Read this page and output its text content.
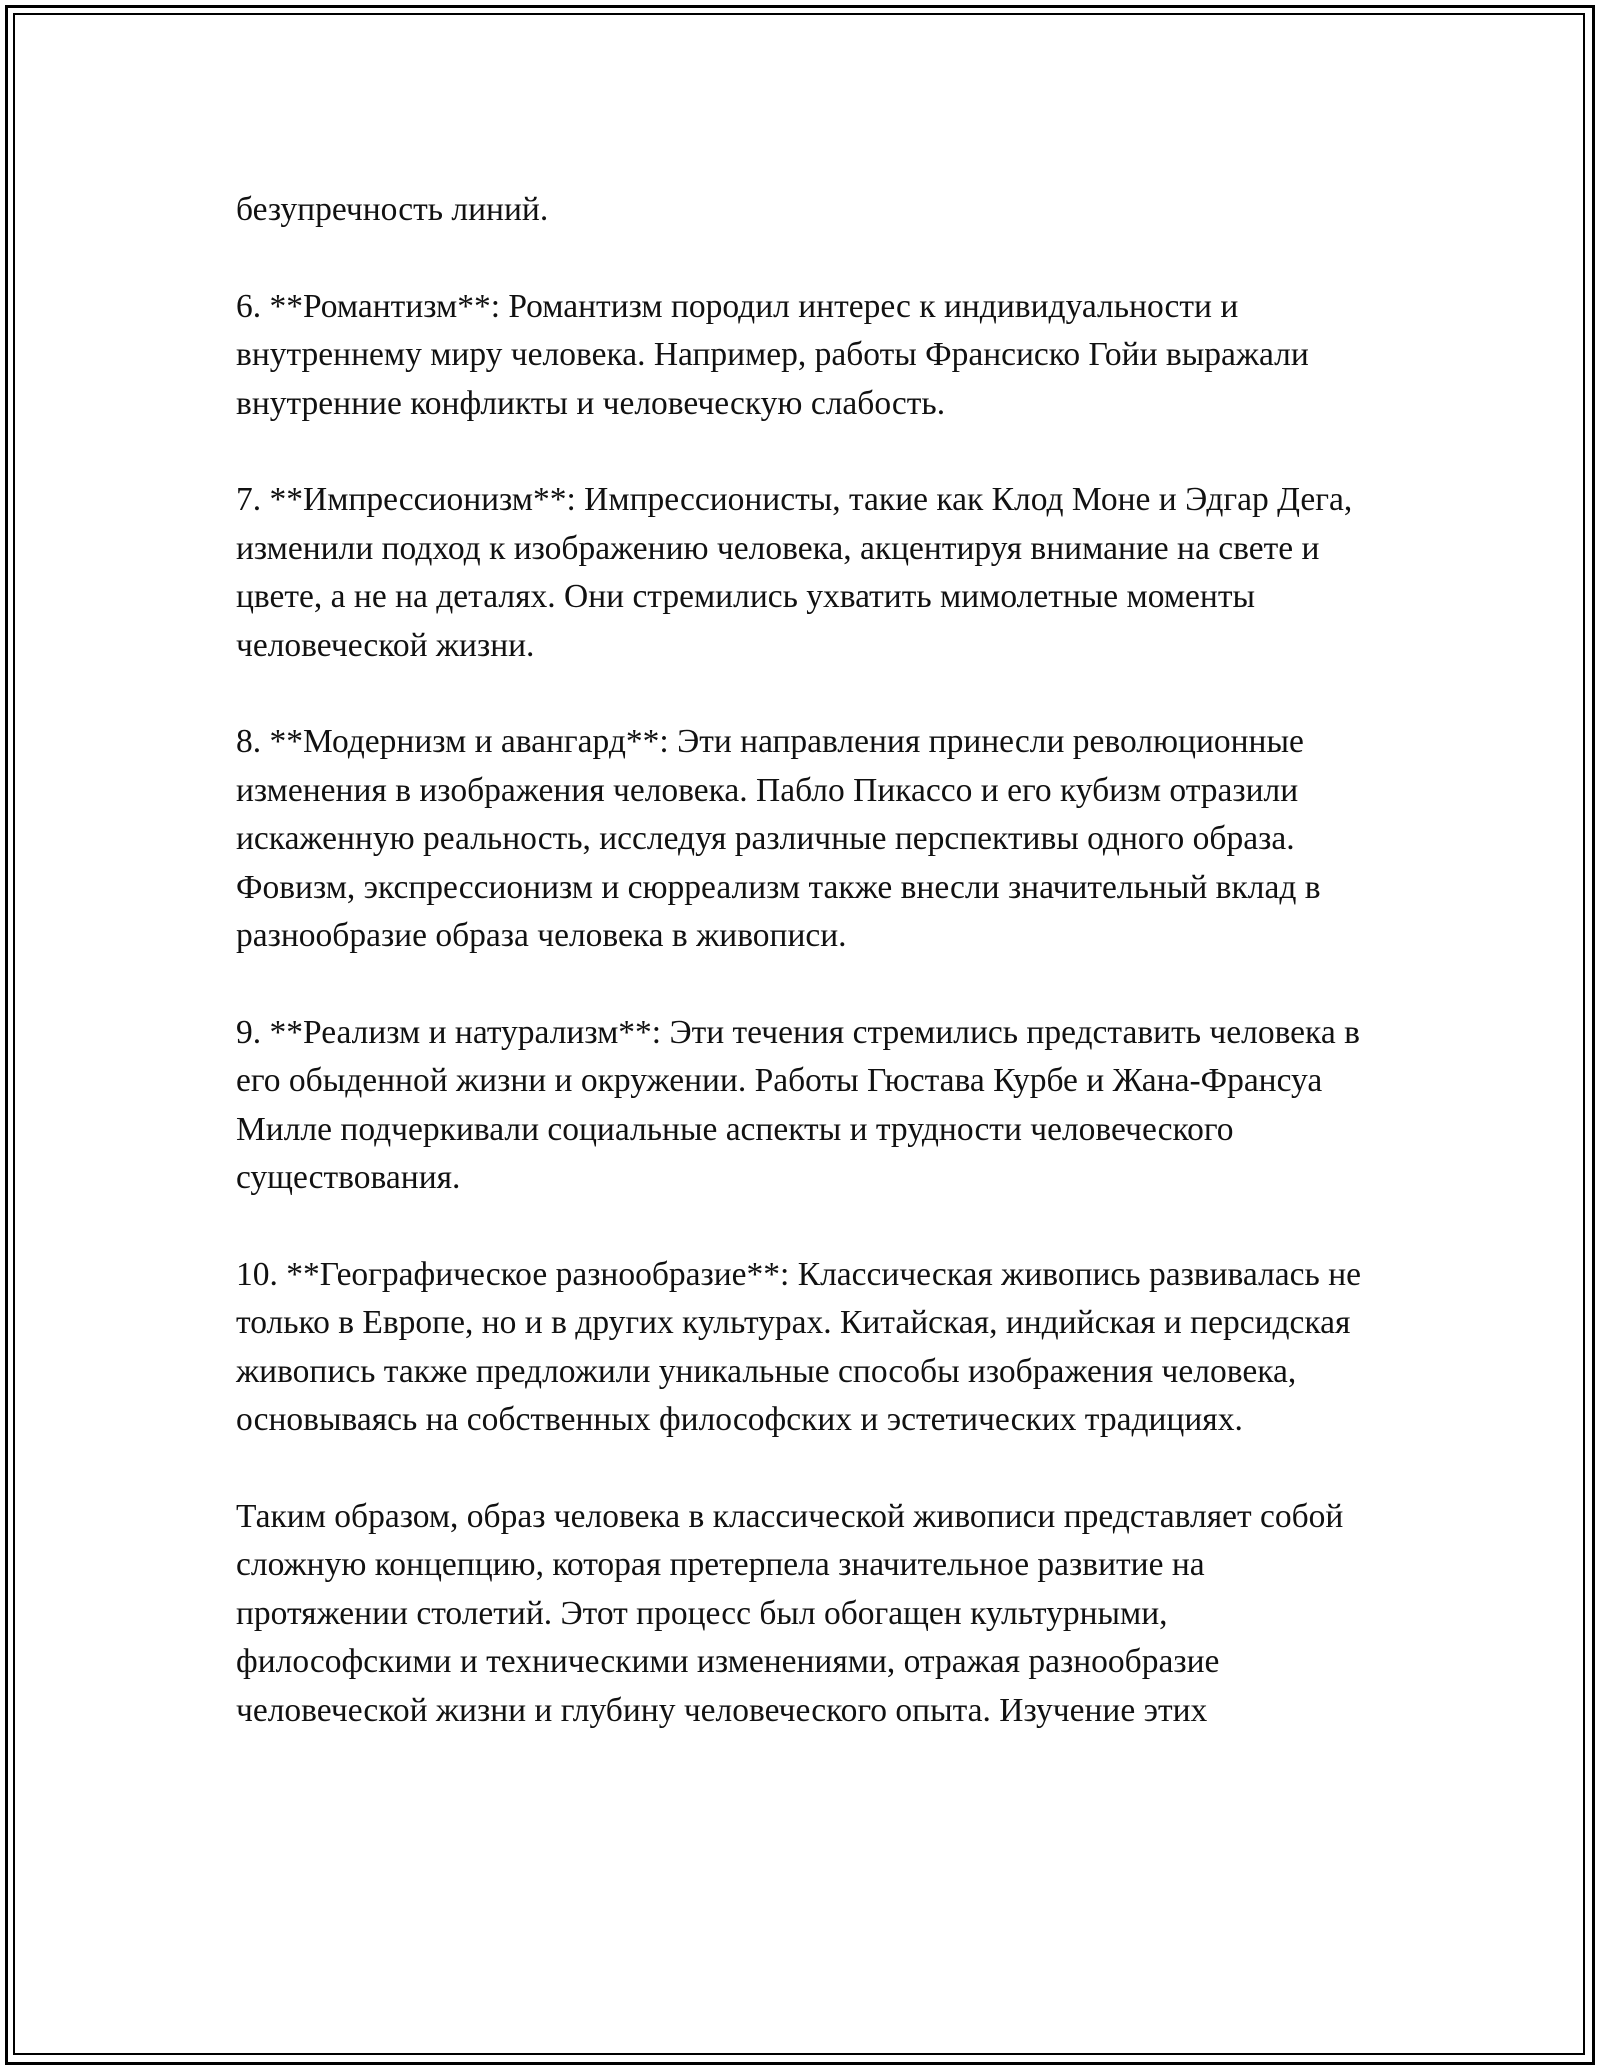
безупречность линий.

6. **Романтизм**: Романтизм породил интерес к индивидуальности и внутреннему миру человека. Например, работы Франсиско Гойи выражали внутренние конфликты и человеческую слабость.

7. **Импрессионизм**: Импрессионисты, такие как Клод Моне и Эдгар Дега, изменили подход к изображению человека, акцентируя внимание на свете и цвете, а не на деталях. Они стремились ухватить мимолетные моменты человеческой жизни.

8. **Модернизм и авангард**: Эти направления принесли революционные изменения в изображения человека. Пабло Пикассо и его кубизм отразили искаженную реальность, исследуя различные перспективы одного образа. Фовизм, экспрессионизм и сюрреализм также внесли значительный вклад в разнообразие образа человека в живописи.

9. **Реализм и натурализм**: Эти течения стремились представить человека в его обыденной жизни и окружении. Работы Гюстава Курбе и Жана-Франсуа Милле подчеркивали социальные аспекты и трудности человеческого существования.

10. **Географическое разнообразие**: Классическая живопись развивалась не только в Европе, но и в других культурах. Китайская, индийская и персидская живопись также предложили уникальные способы изображения человека, основываясь на собственных философских и эстетических традициях.

Таким образом, образ человека в классической живописи представляет собой сложную концепцию, которая претерпела значительное развитие на протяжении столетий. Этот процесс был обогащен культурными, философскими и техническими изменениями, отражая разнообразие человеческой жизни и глубину человеческого опыта. Изучение этих
